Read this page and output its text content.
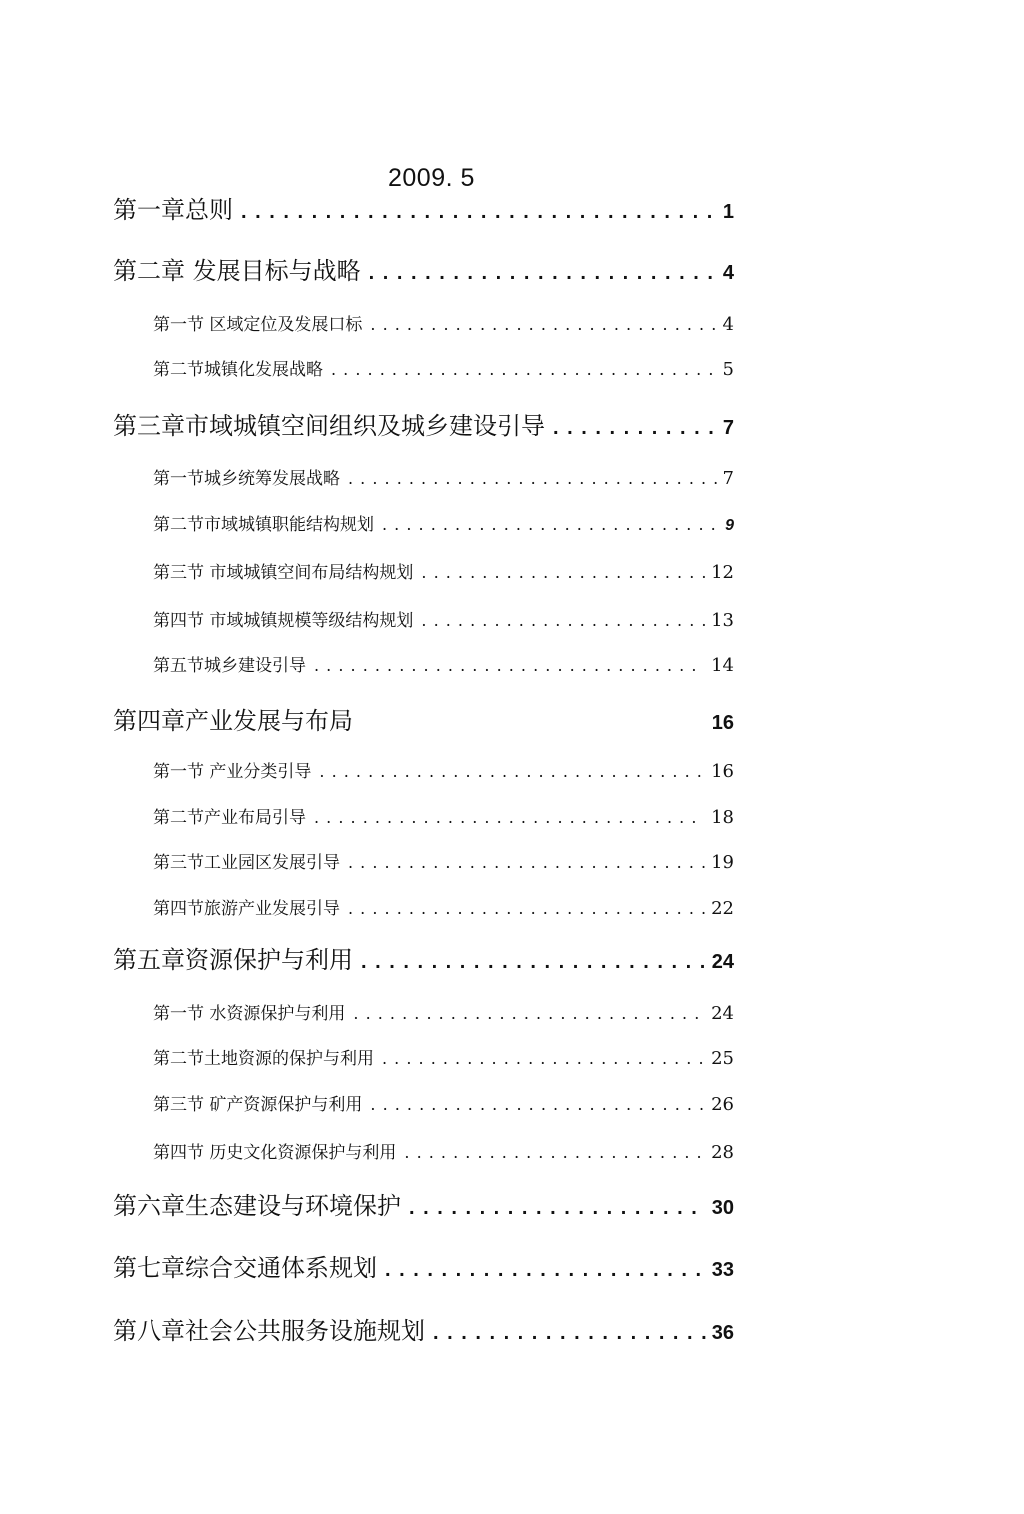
2009. 5
第一章总则 . . .	1
第二章 发展目标与战略 . . .	4
第一节 区域定位及发展口标 . . .	4
第二节城镇化发展战略 . . .	5
第三章市域城镇空间组织及城乡建设引导 . . .	7
第一节城乡统筹发展战略 . . .	7
第二节市域城镇职能结构规划 . . .	9
第三节 市域城镇空间布局结构规划 . . .	12
第四节 市域城镇规模等级结构规划 . . .	13
第五节城乡建设引导 . . .	14
第四章产业发展与布局	16
第一节 产业分类引导 . . .	16
第二节产业布局引导 . . .	18
第三节工业园区发展引导 . . .	19
第四节旅游产业发展引导 . . .	22
第五章资源保护与利用 . . .	24
第一节 水资源保护与利用 . . .	24
第二节土地资源的保护与利用 . . .	25
第三节 矿产资源保护与利用 . . .	26
第四节 历史文化资源保护与利用 . . .	28
第六章生态建设与环境保护 . . .	30
第七章综合交通体系规划 . . .	33
第八章社会公共服务设施规划 . . .	36
